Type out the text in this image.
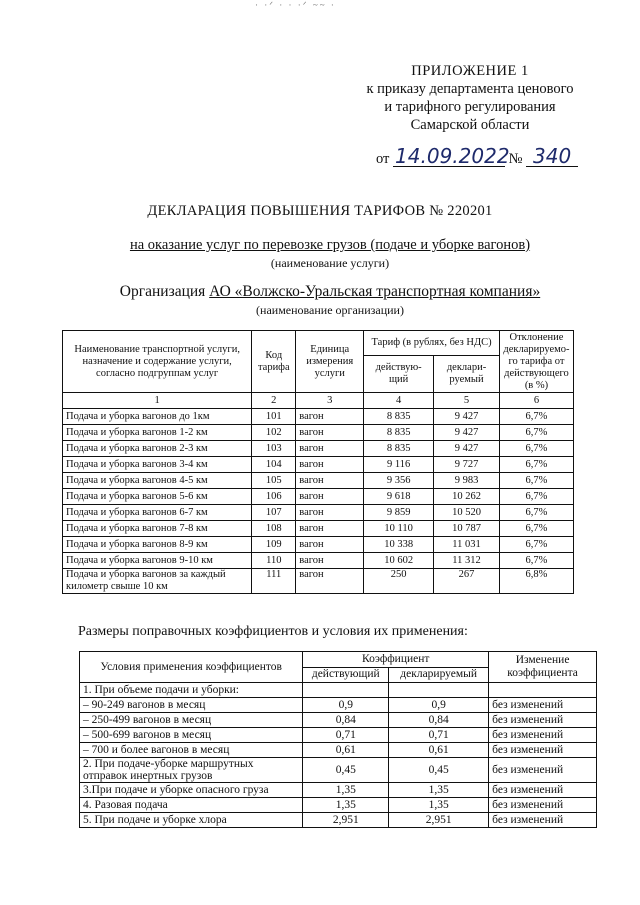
· ·ᐟ · · ·ᐟ ~~ ·
ПРИЛОЖЕНИЕ 1
к приказу департамента ценового
и тарифного регулирования
Самарской области
от 14.09.2022 № 340
ДЕКЛАРАЦИЯ ПОВЫШЕНИЯ ТАРИФОВ № 220201
на оказание услуг по перевозке грузов (подаче и уборке вагонов)
(наименование услуги)
Организация АО «Волжско-Уральская транспортная компания»
(наименование организации)
Наименование транспортной услуги, назначение и содержание услуги, согласно подгруппам услуг	Код тарифа	Единица измерения услуги	Тариф (в рублях, без НДС)		Отклонение декларируемо-го тарифа от действующего (в %)
			действую-щий	деклари-руемый	
1	2	3	4	5	6
Подача и уборка вагонов до 1км	101	вагон	8 835	9 427	6,7%
Подача и уборка вагонов 1-2 км	102	вагон	8 835	9 427	6,7%
Подача и уборка вагонов 2-3 км	103	вагон	8 835	9 427	6,7%
Подача и уборка вагонов 3-4 км	104	вагон	9 116	9 727	6,7%
Подача и уборка вагонов 4-5 км	105	вагон	9 356	9 983	6,7%
Подача и уборка вагонов 5-6 км	106	вагон	9 618	10 262	6,7%
Подача и уборка вагонов 6-7 км	107	вагон	9 859	10 520	6,7%
Подача и уборка вагонов 7-8 км	108	вагон	10 110	10 787	6,7%
Подача и уборка вагонов 8-9 км	109	вагон	10 338	11 031	6,7%
Подача и уборка вагонов 9-10 км	110	вагон	10 602	11 312	6,7%
Подача и уборка вагонов за каждый километр свыше 10 км	111	вагон	250	267	6,8%
Размеры поправочных коэффициентов и условия их применения:
Условия применения коэффициентов	Коэффициент		Изменение коэффициента
	действующий	декларируемый	
1. При объеме подачи и уборки:			
– 90-249 вагонов в месяц	0,9	0,9	без изменений
– 250-499 вагонов в месяц	0,84	0,84	без изменений
– 500-699 вагонов в месяц	0,71	0,71	без изменений
– 700 и более вагонов в месяц	0,61	0,61	без изменений
2. При подаче-уборке маршрутных отправок инертных грузов	0,45	0,45	без изменений
3.При подаче и уборке опасного груза	1,35	1,35	без изменений
4. Разовая подача	1,35	1,35	без изменений
5. При подаче и уборке хлора	2,951	2,951	без изменений
